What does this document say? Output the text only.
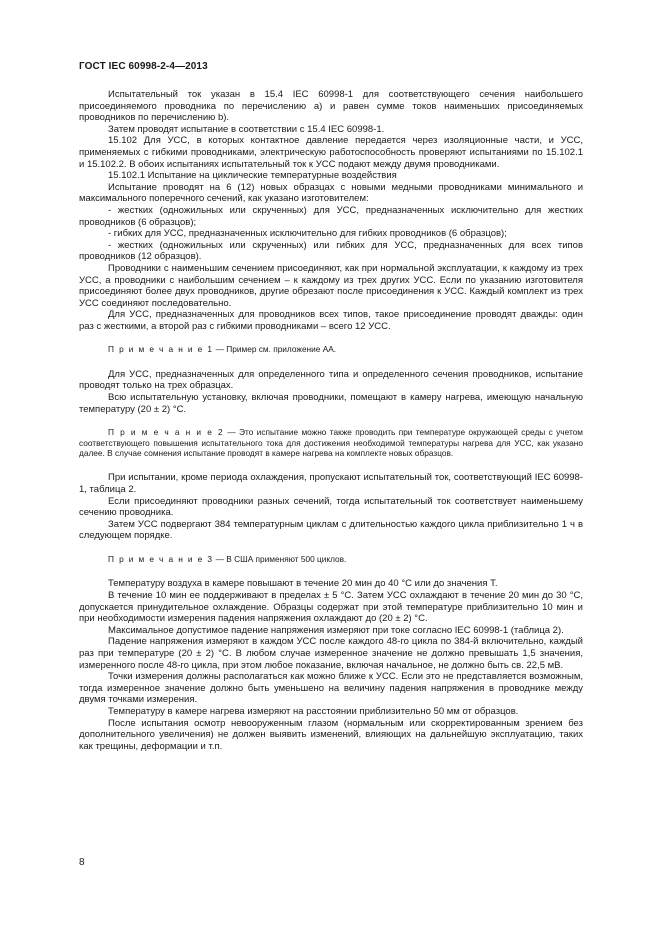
ГОСТ IEC 60998-2-4—2013

Испытательный ток указан в 15.4 IEC 60998-1 для соответствующего сечения наибольшего присоединяемого проводника по перечислению а) и равен сумме токов наименьших присоединяемых проводников по перечислению b).

Затем проводят испытание в соответствии с 15.4 IEC 60998-1.

15.102 Для УСС, в которых контактное давление передается через изоляционные части, и УСС, применяемых с гибкими проводниками, электрическую работоспособность проверяют испытаниями по 15.102.1 и 15.102.2. В обоих испытаниях испытательный ток к УСС подают между двумя проводниками.

15.102.1 Испытание на циклические температурные воздействия

Испытание проводят на 6 (12) новых образцах с новыми медными проводниками минимального и максимального поперечного сечений, как указано изготовителем:

- жестких (одножильных или скрученных) для УСС, предназначенных исключительно для жестких проводников (6 образцов);

- гибких для УСС, предназначенных исключительно для гибких проводников (6 образцов);

- жестких (одножильных или скрученных) или гибких для УСС, предназначенных для всех типов проводников (12 образцов).

Проводники с наименьшим сечением присоединяют, как при нормальной эксплуатации, к каждому из трех УСС, а проводники с наибольшим сечением – к каждому из трех других УСС. Если по указанию изготовителя присоединяют более двух проводников, другие обрезают после присоединения к УСС. Каждый комплект из трех УСС соединяют последовательно.

Для УСС, предназначенных для проводников всех типов, такое присоединение проводят дважды: один раз с жесткими, а второй раз с гибкими проводниками – всего 12 УСС.

П р и м е ч а н и е 1 — Пример см. приложение АА.

Для УСС, предназначенных для определенного типа и определенного сечения проводников, испытание проводят только на трех образцах.

Всю испытательную установку, включая проводники, помещают в камеру нагрева, имеющую начальную температуру (20 ± 2) °С.

П р и м е ч а н и е 2 — Это испытание можно также проводить при температуре окружающей среды с учетом соответствующего повышения испытательного тока для достижения необходимой температуры нагрева для УСС, как указано далее. В случае сомнения испытание проводят в камере нагрева на комплекте новых образцов.

При испытании, кроме периода охлаждения, пропускают испытательный ток, соответствующий IEC 60998-1, таблица 2.

Если присоединяют проводники разных сечений, тогда испытательный ток соответствует наименьшему сечению проводника.

Затем УСС подвергают 384 температурным циклам с длительностью каждого цикла приблизительно 1 ч в следующем порядке.

П р и м е ч а н и е 3 — В США применяют 500 циклов.

Температуру воздуха в камере повышают в течение 20 мин до 40 °С или до значения Т.

В течение 10 мин ее поддерживают в пределах ± 5 °С. Затем УСС охлаждают в течение 20 мин до 30 °С, допускается принудительное охлаждение. Образцы содержат при этой температуре приблизительно 10 мин и при необходимости измерения падения напряжения охлаждают до (20 ± 2) °С.

Максимальное допустимое падение напряжения измеряют при токе согласно IEC 60998-1 (таблица 2).

Падение напряжения измеряют в каждом УСС после каждого 48-го цикла по 384-й включительно, каждый раз при температуре (20 ± 2) °С. В любом случае измеренное значение не должно превышать 1,5 значения, измеренного после 48-го цикла, при этом любое показание, включая начальное, не должно быть св. 22,5 мВ.

Точки измерения должны располагаться как можно ближе к УСС. Если это не представляется возможным, тогда измеренное значение должно быть уменьшено на величину падения напряжения в проводнике между двумя точками измерения.

Температуру в камере нагрева измеряют на расстоянии приблизительно 50 мм от образцов.

После испытания осмотр невооруженным глазом (нормальным или скорректированным зрением без дополнительного увеличения) не должен выявить изменений, влияющих на дальнейшую эксплуатацию, таких как трещины, деформации и т.п.

8
